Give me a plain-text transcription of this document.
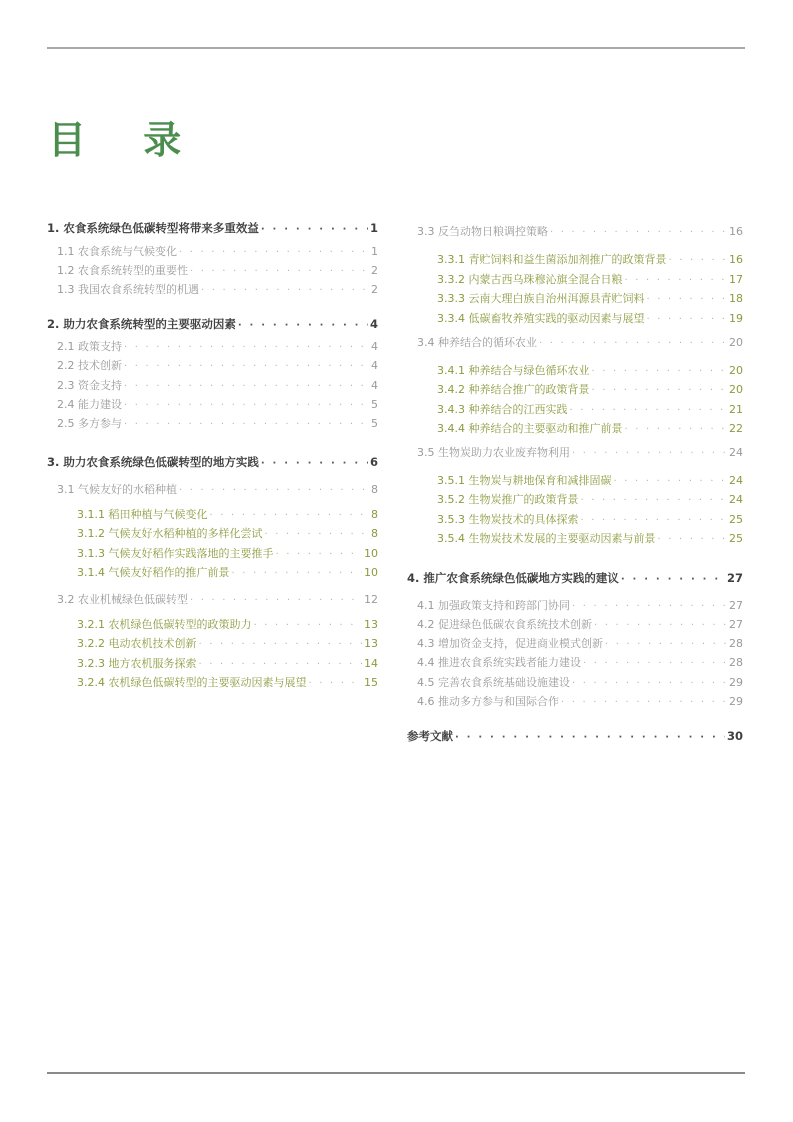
目 录
1. 农食系统绿色低碳转型将带来多重效益 · · ·	1
1.1 农食系统与气候变化 · · ·	1
1.2 农食系统转型的重要性 · · ·	2
1.3 我国农食系统转型的机遇 · · ·	2
2. 助力农食系统转型的主要驱动因素 · · ·	4
2.1 政策支持 · · ·	4
2.2 技术创新 · · ·	4
2.3 资金支持 · · ·	4
2.4 能力建设 · · ·	5
2.5 多方参与 · · ·	5
3. 助力农食系统绿色低碳转型的地方实践 · · ·	6
3.1 气候友好的水稻种植 · · ·	8
3.1.1 稻田种植与气候变化 · · ·	8
3.1.2 气候友好水稻种植的多样化尝试 · · ·	8
3.1.3 气候友好稻作实践落地的主要推手 · · ·	10
3.1.4 气候友好稻作的推广前景 · · ·	10
3.2 农业机械绿色低碳转型 · · ·	12
3.2.1 农机绿色低碳转型的政策助力 · · ·	13
3.2.2 电动农机技术创新 · · ·	13
3.2.3 地方农机服务探索 · · ·	14
3.2.4 农机绿色低碳转型的主要驱动因素与展望 · · ·	15
3.3 反刍动物日粮调控策略 · · ·	16
3.3.1 青贮饲料和益生菌添加剂推广的政策背景 · · ·	16
3.3.2 内蒙古西乌珠穆沁旗全混合日粮 · · ·	17
3.3.3 云南大理白族自治州洱源县青贮饲料 · · ·	18
3.3.4 低碳畜牧养殖实践的驱动因素与展望 · · ·	19
3.4 种养结合的循环农业 · · ·	20
3.4.1 种养结合与绿色循环农业 · · ·	20
3.4.2 种养结合推广的政策背景 · · ·	20
3.4.3 种养结合的江西实践 · · ·	21
3.4.4 种养结合的主要驱动和推广前景 · · ·	22
3.5 生物炭助力农业废弃物利用 · · ·	24
3.5.1 生物炭与耕地保育和减排固碳 · · ·	24
3.5.2 生物炭推广的政策背景 · · ·	24
3.5.3 生物炭技术的具体探索 · · ·	25
3.5.4 生物炭技术发展的主要驱动因素与前景 · · ·	25
4. 推广农食系统绿色低碳地方实践的建议 · · ·	27
4.1 加强政策支持和跨部门协同 · · ·	27
4.2 促进绿色低碳农食系统技术创新 · · ·	27
4.3 增加资金支持，促进商业模式创新 · · ·	28
4.4 推进农食系统实践者能力建设 · · ·	28
4.5 完善农食系统基础设施建设 · · ·	29
4.6 推动多方参与和国际合作 · · ·	29
参考文献 · · ·	30
